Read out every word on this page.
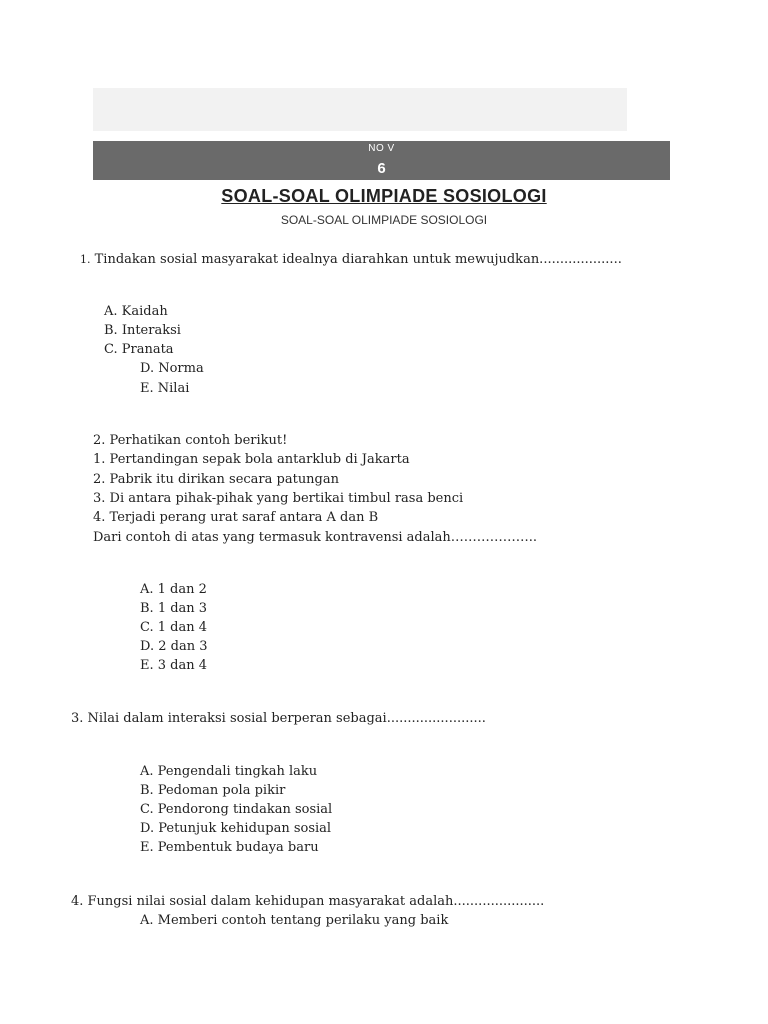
NO V
6
SOAL-SOAL OLIMPIADE SOSIOLOGI
SOAL-SOAL OLIMPIADE SOSIOLOGI
1. Tindakan sosial masyarakat idealnya diarahkan untuk mewujudkan....................
A. Kaidah
B. Interaksi
C. Pranata
D. Norma
E. Nilai
2. Perhatikan contoh berikut!
1. Pertandingan sepak bola antarklub di Jakarta
2. Pabrik itu dirikan secara patungan
3. Di antara pihak-pihak yang bertikai timbul rasa benci
4. Terjadi perang urat saraf antara A dan B
Dari contoh di atas yang termasuk kontravensi adalah………………..
A. 1 dan 2
B. 1 dan 3
C. 1 dan 4
D. 2 dan 3
E. 3 dan 4
3. Nilai dalam interaksi sosial berperan sebagai........................
A. Pengendali tingkah laku
B. Pedoman pola pikir
C. Pendorong tindakan sosial
D. Petunjuk kehidupan sosial
E. Pembentuk budaya baru
4. Fungsi nilai sosial dalam kehidupan masyarakat adalah......................
A. Memberi contoh tentang perilaku yang baik
